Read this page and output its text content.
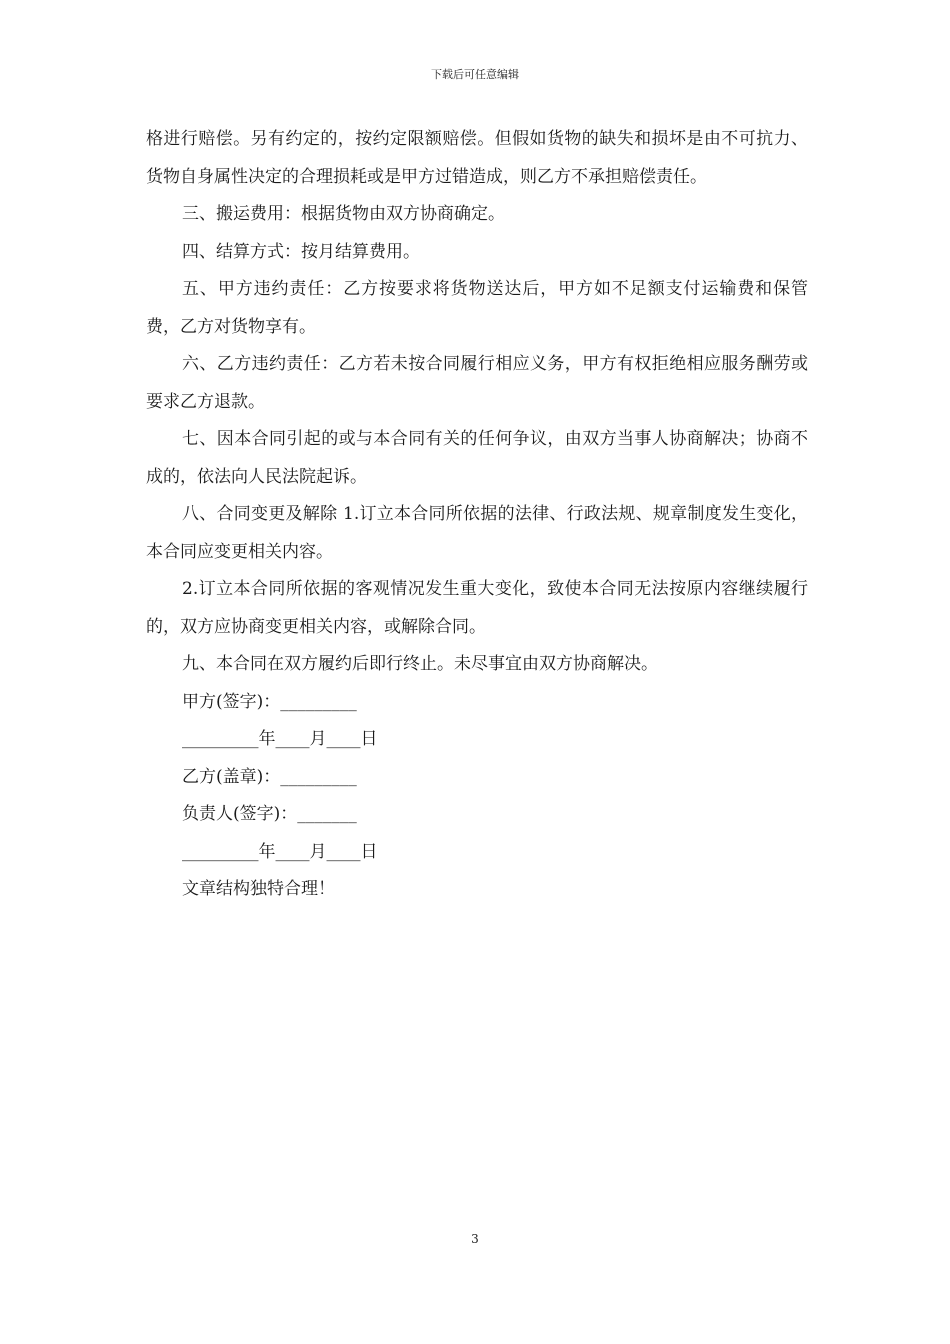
下载后可任意编辑

格进行赔偿。另有约定的，按约定限额赔偿。但假如货物的缺失和损坏是由不可抗力、货物自身属性决定的合理损耗或是甲方过错造成，则乙方不承担赔偿责任。

三、搬运费用：根据货物由双方协商确定。

四、结算方式：按月结算费用。

五、甲方违约责任：乙方按要求将货物送达后，甲方如不足额支付运输费和保管费，乙方对货物享有。

六、乙方违约责任：乙方若未按合同履行相应义务，甲方有权拒绝相应服务酬劳或要求乙方退款。

七、因本合同引起的或与本合同有关的任何争议，由双方当事人协商解决；协商不成的，依法向人民法院起诉。

八、合同变更及解除 1.订立本合同所依据的法律、行政法规、规章制度发生变化，本合同应变更相关内容。

2.订立本合同所依据的客观情况发生重大变化，致使本合同无法按原内容继续履行的，双方应协商变更相关内容，或解除合同。

九、本合同在双方履约后即行终止。未尽事宜由双方协商解决。

甲方(签字)：_________

_________年____月____日

乙方(盖章)：_________

负责人(签字)：_______

_________年____月____日

文章结构独特合理！

3
